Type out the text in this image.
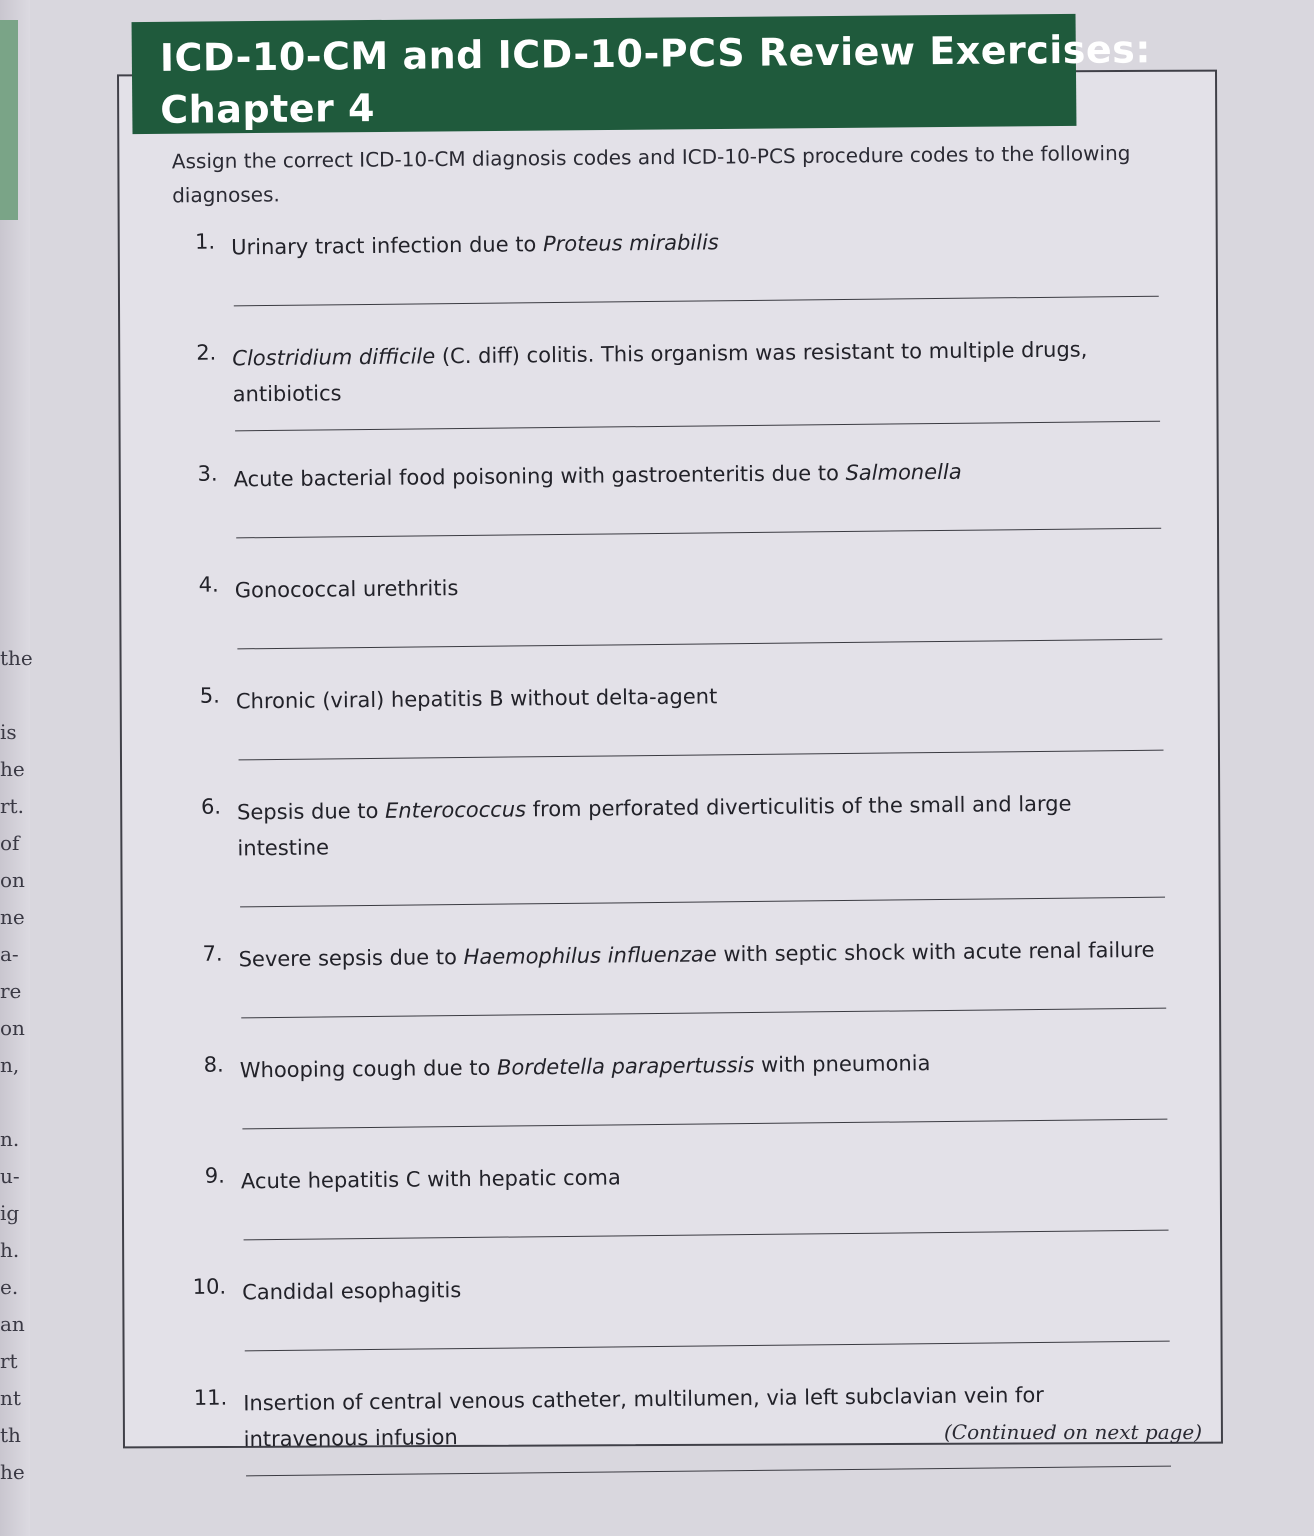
the
is
he
rt.
of
on
ne
a-
re
on
n,
n.
u-
ig
h.
e.
an
rt
nt
th
he
ICD-10-CM and ICD-10-PCS Review Exercises:
Chapter 4
Assign the correct ICD-10-CM diagnosis codes and ICD-10-PCS procedure codes to the following diagnoses.
1. Urinary tract infection due to Proteus mirabilis
2. Clostridium difficile (C. diff) colitis. This organism was resistant to multiple drugs, antibiotics
3. Acute bacterial food poisoning with gastroenteritis due to Salmonella
4. Gonococcal urethritis
5. Chronic (viral) hepatitis B without delta-agent
6. Sepsis due to Enterococcus from perforated diverticulitis of the small and large intestine
7. Severe sepsis due to Haemophilus influenzae with septic shock with acute renal failure
8. Whooping cough due to Bordetella parapertussis with pneumonia
9. Acute hepatitis C with hepatic coma
10. Candidal esophagitis
11. Insertion of central venous catheter, multilumen, via left subclavian vein for intravenous infusion	(Continued on next page)
